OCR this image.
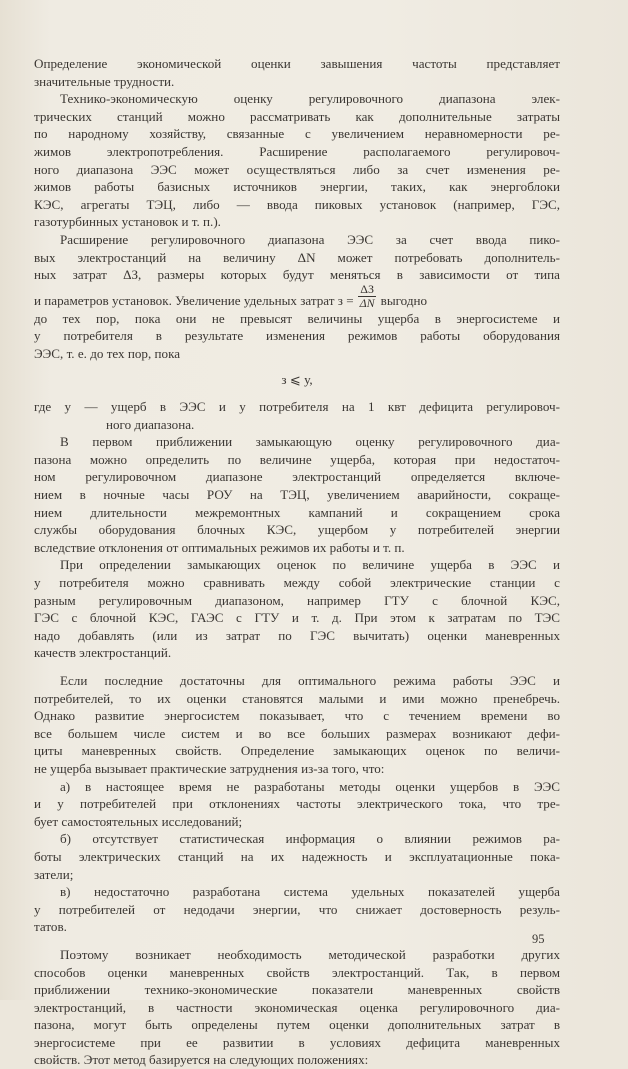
Определение экономической оценки завышения частоты представляет
значительные трудности.

Технико-экономическую оценку регулировочного диапазона элек-
трических станций можно рассматривать как дополнительные затраты
по народному хозяйству, связанные с увеличением неравномерности ре-
жимов электропотребления. Расширение располагаемого регулировоч-
ного диапазона ЭЭС может осуществляться либо за счет изменения ре-
жимов работы базисных источников энергии, таких, как энергоблоки
КЭС, агрегаты ТЭЦ, либо — ввода пиковых установок (например, ГЭС,
газотурбинных установок и т. п.).

Расширение регулировочного диапазона ЭЭС за счет ввода пико-
вых электростанций на величину ΔN может потребовать дополнитель-
ных затрат ΔЗ, размеры которых будут меняться в зависимости от типа
и параметров установок. Увеличение удельных затрат $з = \frac{\Delta З}{\Delta N}$ выгодно
до тех пор, пока они не превысят величины ущерба в энергосистеме и
у потребителя в результате изменения режимов работы оборудования
ЭЭС, т. е. до тех пор, пока

з ⩽ у,

где у — ущерб в ЭЭС и у потребителя на 1 квт дефицита регулировоч-
ного диапазона.

В первом приближении замыкающую оценку регулировочного диа-
пазона можно определить по величине ущерба, которая при недостаточ-
ном регулировочном диапазоне электростанций определяется включе-
нием в ночные часы РОУ на ТЭЦ, увеличением аварийности, сокраще-
нием длительности межремонтных кампаний и сокращением срока
службы оборудования блочных КЭС, ущербом у потребителей энергии
вследствие отклонения от оптимальных режимов их работы и т. п.

При определении замыкающих оценок по величине ущерба в ЭЭС и
у потребителя можно сравнивать между собой электрические станции с
разным регулировочным диапазоном, например ГТУ с блочной КЭС,
ГЭС с блочной КЭС, ГАЭС с ГТУ и т. д. При этом к затратам по ТЭС
надо добавлять (или из затрат по ГЭС вычитать) оценки маневренных
качеств электростанций.

Если последние достаточны для оптимального режима работы ЭЭС и
потребителей, то их оценки становятся малыми и ими можно пренебречь.
Однако развитие энергосистем показывает, что с течением времени во
все большем числе систем и во все больших размерах возникают дефи-
циты маневренных свойств. Определение замыкающих оценок по величи-
не ущерба вызывает практические затруднения из-за того, что:

а) в настоящее время не разработаны методы оценки ущербов в ЭЭС
и у потребителей при отклонениях частоты электрического тока, что тре-
бует самостоятельных исследований;

б) отсутствует статистическая информация о влиянии режимов ра-
боты электрических станций на их надежность и эксплуатационные пока-
затели;

в) недостаточно разработана система удельных показателей ущерба
у потребителей от недодачи энергии, что снижает достоверность резуль-
татов.

Поэтому возникает необходимость методической разработки других
способов оценки маневренных свойств электростанций. Так, в первом
приближении технико-экономические показатели маневренных свойств
электростанций, в частности экономическая оценка регулировочного диа-
пазона, могут быть определены путем оценки дополнительных затрат в
энергосистеме при ее развитии в условиях дефицита маневренных
свойств. Этот метод базируется на следующих положениях:

95
